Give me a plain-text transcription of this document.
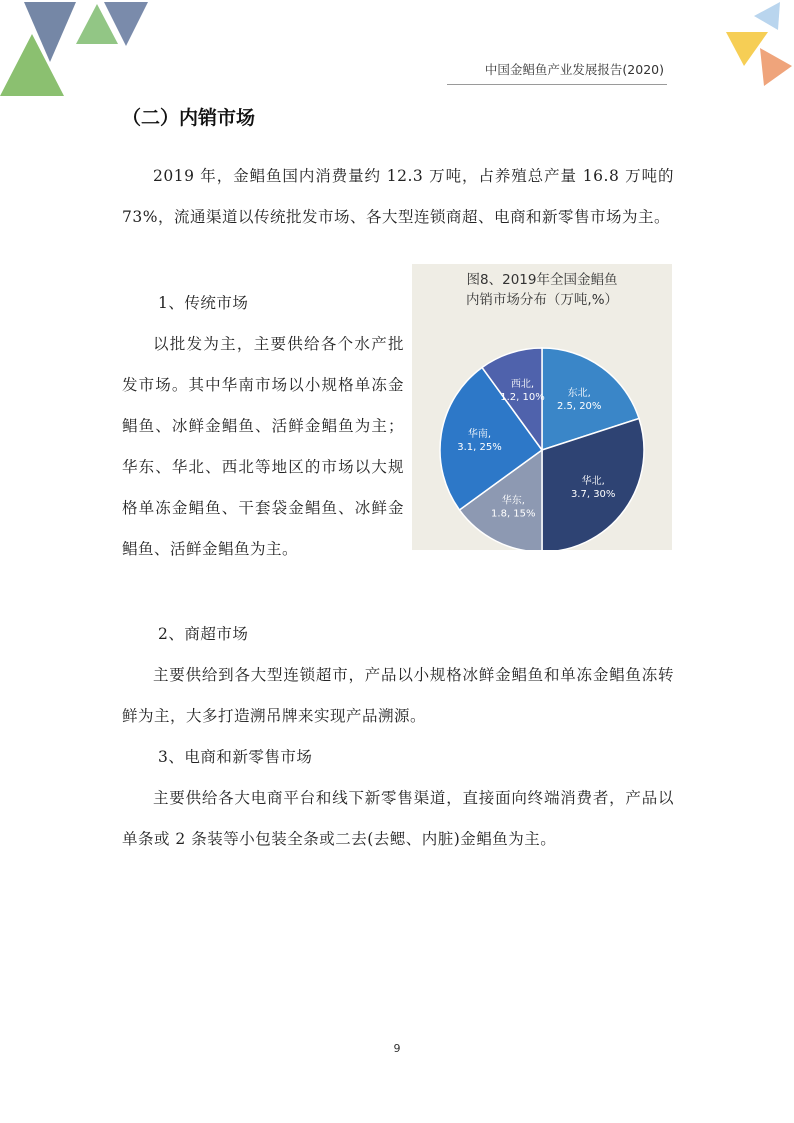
中国金鲳鱼产业发展报告(2020)
（二）内销市场

2019 年，金鲳鱼国内消费量约 12.3 万吨，占养殖总产量 16.8 万吨的 73%，流通渠道以传统批发市场、各大型连锁商超、电商和新零售市场为主。

1、传统市场

以批发为主，主要供给各个水产批发市场。其中华南市场以小规格单冻金鲳鱼、冰鲜金鲳鱼、活鲜金鲳鱼为主；华东、华北、西北等地区的市场以大规格单冻金鲳鱼、干套袋金鲳鱼、冰鲜金鲳鱼、活鲜金鲳鱼为主。

图8、2019年全国金鲳鱼
内销市场分布（万吨,%）
东北,
2.5, 20%
华北,
3.7, 30%
华东,
1.8, 15%
华南,
3.1, 25%
西北,
1.2, 10%

2、商超市场

主要供给到各大型连锁超市，产品以小规格冰鲜金鲳鱼和单冻金鲳鱼冻转鲜为主，大多打造溯吊牌来实现产品溯源。

3、电商和新零售市场

主要供给各大电商平台和线下新零售渠道，直接面向终端消费者，产品以单条或 2 条装等小包装全条或二去(去鳃、内脏)金鲳鱼为主。

9
